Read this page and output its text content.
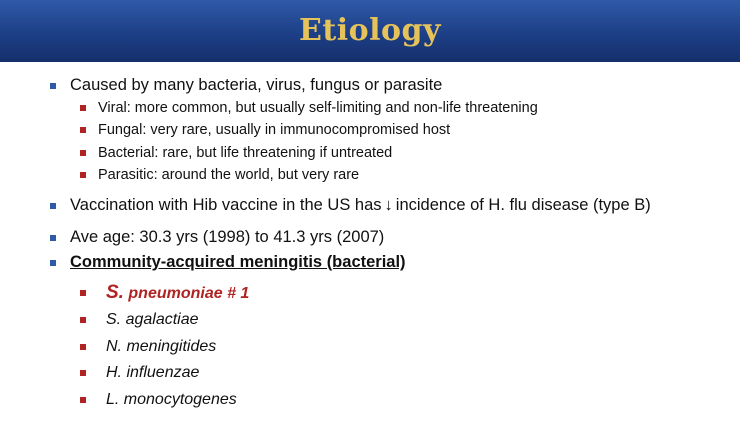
Etiology
Caused by many bacteria, virus, fungus or parasite
Viral: more common, but usually self-limiting and non-life threatening
Fungal: very rare, usually in immunocompromised host
Bacterial: rare, but life threatening if untreated
Parasitic: around the world, but very rare
Vaccination with Hib vaccine in the US has ↓ incidence of H. flu disease (type B)
Ave age: 30.3 yrs (1998) to 41.3 yrs (2007)
Community-acquired meningitis (bacterial)
S. pneumoniae # 1
S. agalactiae
N. meningitides
H. influenzae
L. monocytogenes
